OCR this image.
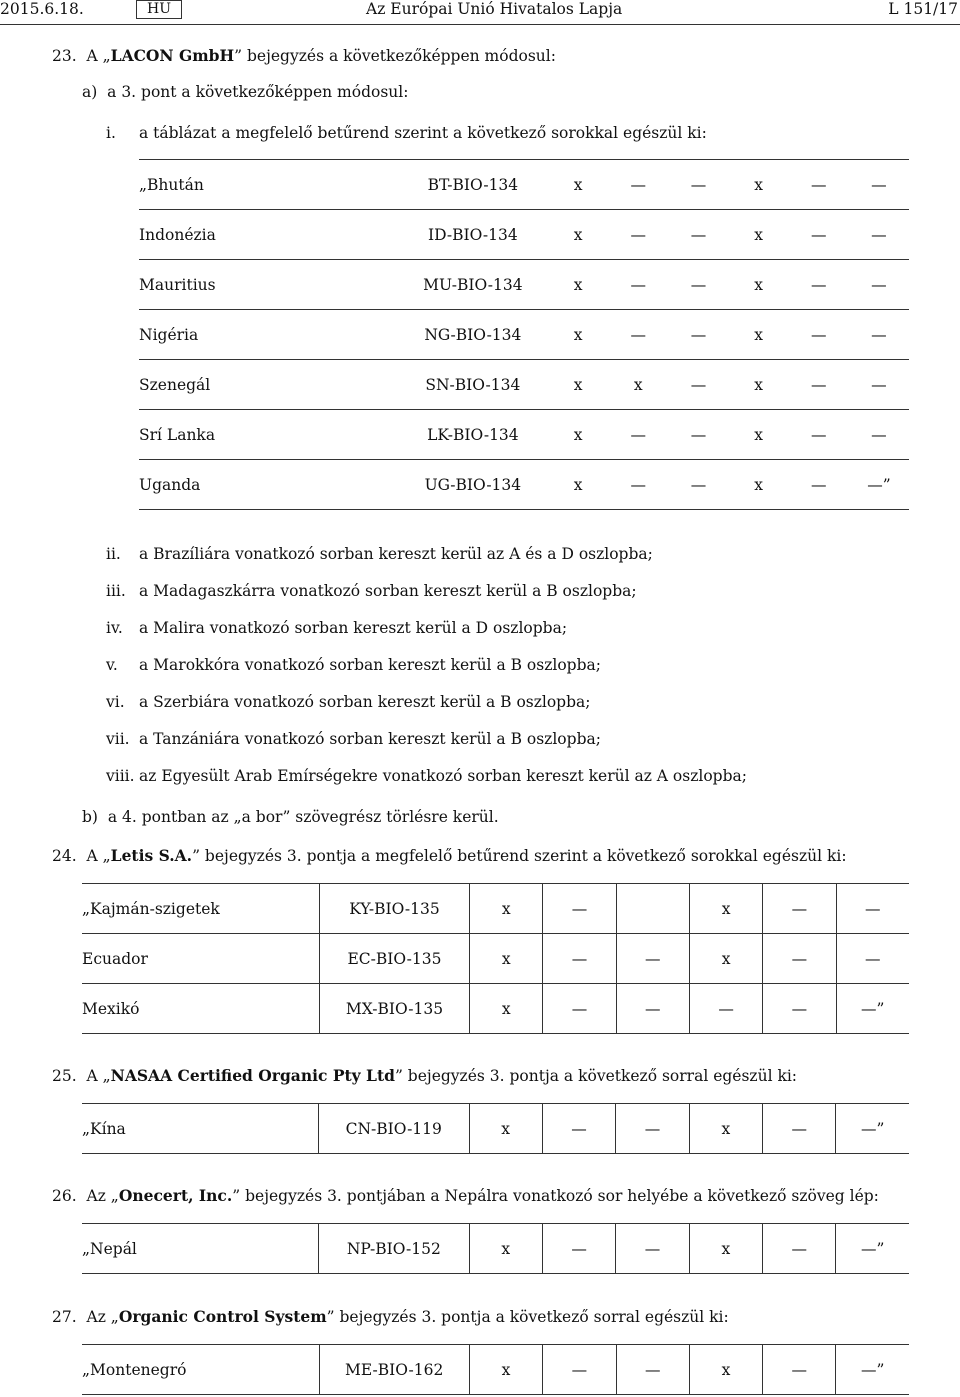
2015.6.18.	HU	Az Európai Unió Hivatalos Lapja	L 151/17
23. A „LACON GmbH” bejegyzés a következőképpen módosul:
a) a 3. pont a következőképpen módosul:
i. a táblázat a megfelelő betűrend szerint a következő sorokkal egészül ki:
„Bhután	BT-BIO-134	x	—	—	x	—	—
Indonézia	ID-BIO-134	x	—	—	x	—	—
Mauritius	MU-BIO-134	x	—	—	x	—	—
Nigéria	NG-BIO-134	x	—	—	x	—	—
Szenegál	SN-BIO-134	x	x	—	x	—	—
Srí Lanka	LK-BIO-134	x	—	—	x	—	—
Uganda	UG-BIO-134	x	—	—	x	—	—”
ii. a Brazíliára vonatkozó sorban kereszt kerül az A és a D oszlopba;
iii. a Madagaszkárra vonatkozó sorban kereszt kerül a B oszlopba;
iv. a Malira vonatkozó sorban kereszt kerül a D oszlopba;
v. a Marokkóra vonatkozó sorban kereszt kerül a B oszlopba;
vi. a Szerbiára vonatkozó sorban kereszt kerül a B oszlopba;
vii. a Tanzániára vonatkozó sorban kereszt kerül a B oszlopba;
viii. az Egyesült Arab Emírségekre vonatkozó sorban kereszt kerül az A oszlopba;
b) a 4. pontban az „a bor” szövegrész törlésre kerül.
24. A „Letis S.A.” bejegyzés 3. pontja a megfelelő betűrend szerint a következő sorokkal egészül ki:
„Kajmán-szigetek	KY-BIO-135	x	—		x	—	—
Ecuador	EC-BIO-135	x	—	—	x	—	—
Mexikó	MX-BIO-135	x	—	—	—	—	—”
25. A „NASAA Certified Organic Pty Ltd” bejegyzés 3. pontja a következő sorral egészül ki:
„Kína	CN-BIO-119	x	—	—	x	—	—”
26. Az „Onecert, Inc.” bejegyzés 3. pontjában a Nepálra vonatkozó sor helyébe a következő szöveg lép:
„Nepál	NP-BIO-152	x	—	—	x	—	—”
27. Az „Organic Control System” bejegyzés 3. pontja a következő sorral egészül ki:
„Montenegró	ME-BIO-162	x	—	—	x	—	—”
